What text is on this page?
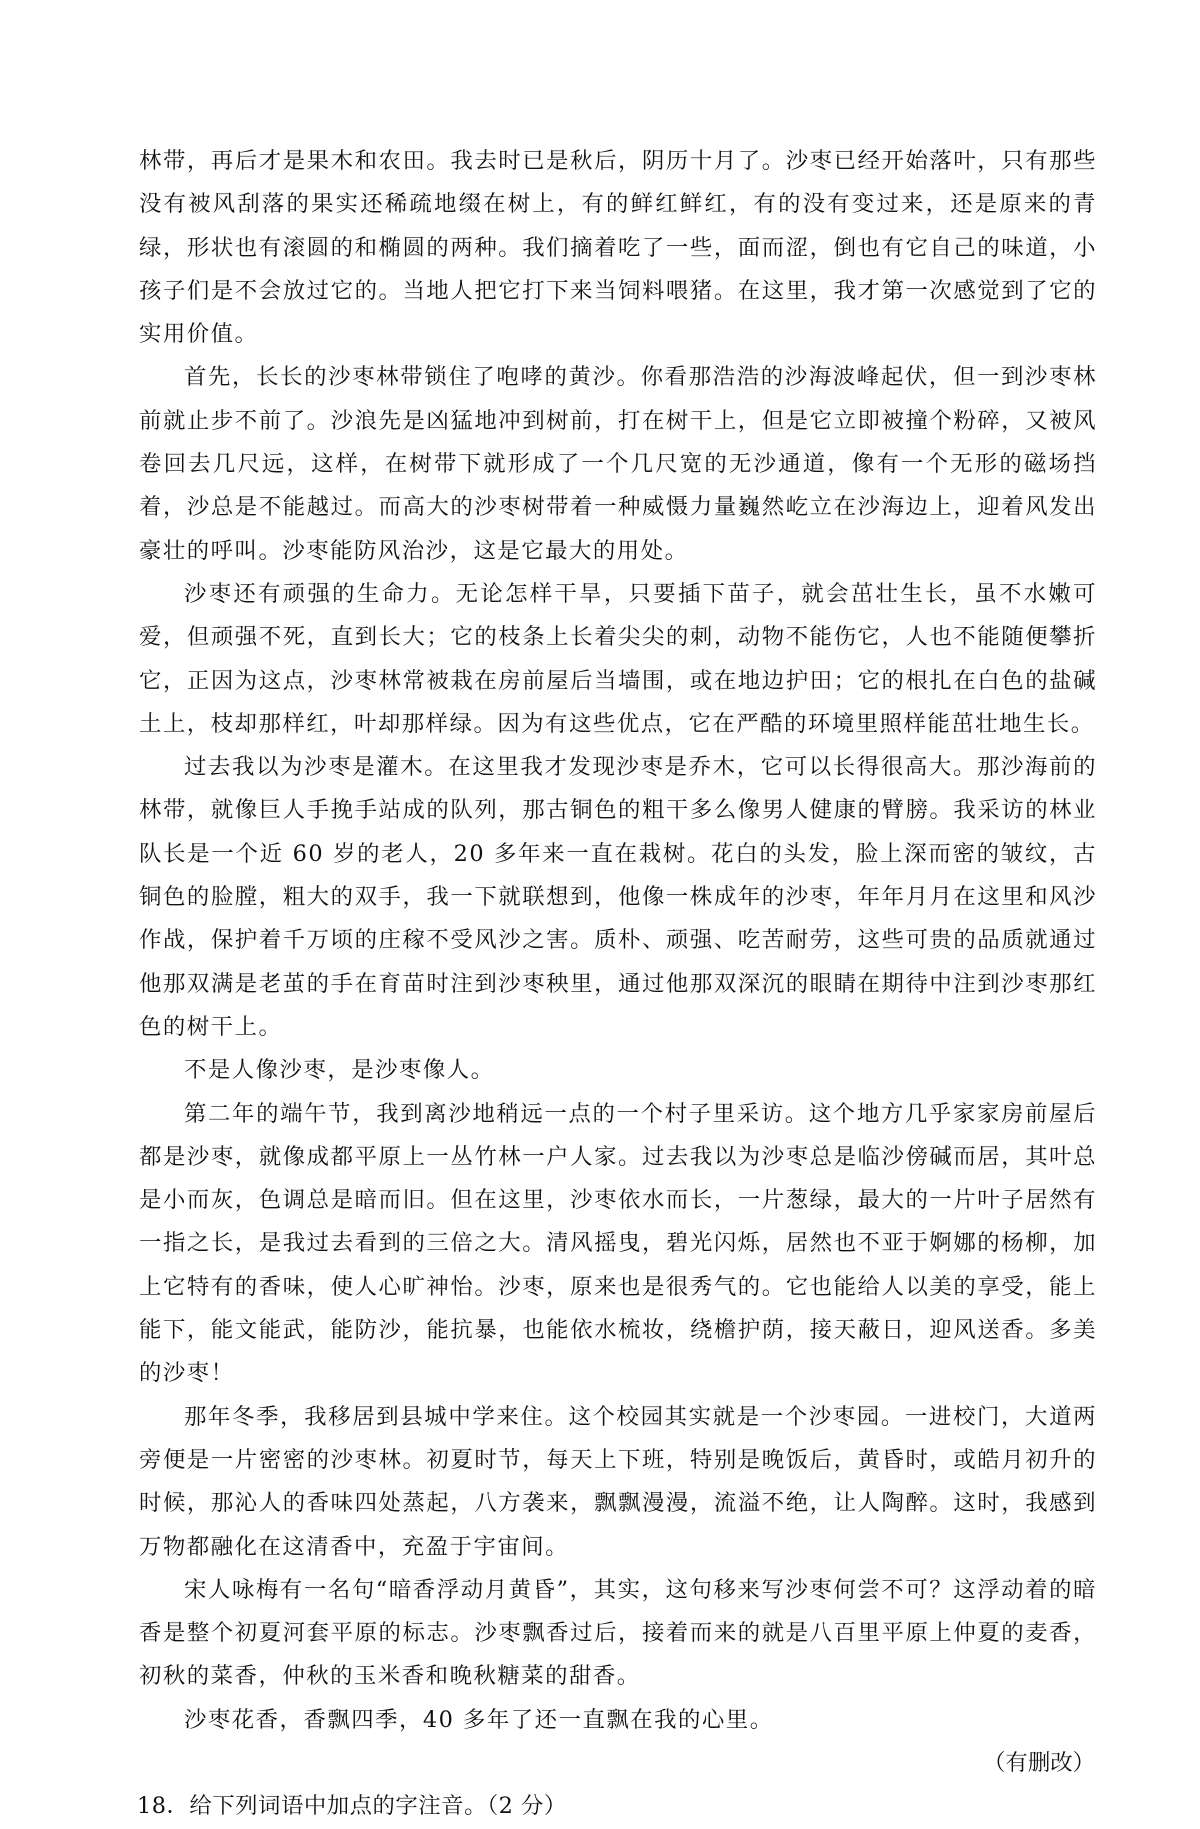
林带，再后才是果木和农田。我去时已是秋后，阴历十月了。沙枣已经开始落叶，只有那些没有被风刮落的果实还稀疏地缀在树上，有的鲜红鲜红，有的没有变过来，还是原来的青绿，形状也有滚圆的和椭圆的两种。我们摘着吃了一些，面而涩，倒也有它自己的味道，小孩子们是不会放过它的。当地人把它打下来当饲料喂猪。在这里，我才第一次感觉到了它的实用价值。

首先，长长的沙枣林带锁住了咆哮的黄沙。你看那浩浩的沙海波峰起伏，但一到沙枣林前就止步不前了。沙浪先是凶猛地冲到树前，打在树干上，但是它立即被撞个粉碎，又被风卷回去几尺远，这样，在树带下就形成了一个几尺宽的无沙通道，像有一个无形的磁场挡着，沙总是不能越过。而高大的沙枣树带着一种威慑力量巍然屹立在沙海边上，迎着风发出豪壮的呼叫。沙枣能防风治沙，这是它最大的用处。

沙枣还有顽强的生命力。无论怎样干旱，只要插下苗子，就会茁壮生长，虽不水嫩可爱，但顽强不死，直到长大；它的枝条上长着尖尖的刺，动物不能伤它，人也不能随便攀折它，正因为这点，沙枣林常被栽在房前屋后当墙围，或在地边护田；它的根扎在白色的盐碱土上，枝却那样红，叶却那样绿。因为有这些优点，它在严酷的环境里照样能茁壮地生长。

过去我以为沙枣是灌木。在这里我才发现沙枣是乔木，它可以长得很高大。那沙海前的林带，就像巨人手挽手站成的队列，那古铜色的粗干多么像男人健康的臂膀。我采访的林业队长是一个近 60 岁的老人，20 多年来一直在栽树。花白的头发，脸上深而密的皱纹，古铜色的脸膛，粗大的双手，我一下就联想到，他像一株成年的沙枣，年年月月在这里和风沙作战，保护着千万顷的庄稼不受风沙之害。质朴、顽强、吃苦耐劳，这些可贵的品质就通过他那双满是老茧的手在育苗时注到沙枣秧里，通过他那双深沉的眼睛在期待中注到沙枣那红色的树干上。

不是人像沙枣，是沙枣像人。

第二年的端午节，我到离沙地稍远一点的一个村子里采访。这个地方几乎家家房前屋后都是沙枣，就像成都平原上一丛竹林一户人家。过去我以为沙枣总是临沙傍碱而居，其叶总是小而灰，色调总是暗而旧。但在这里，沙枣依水而长，一片葱绿，最大的一片叶子居然有一指之长，是我过去看到的三倍之大。清风摇曳，碧光闪烁，居然也不亚于婀娜的杨柳，加上它特有的香味，使人心旷神怡。沙枣，原来也是很秀气的。它也能给人以美的享受，能上能下，能文能武，能防沙，能抗暴，也能依水梳妆，绕檐护荫，接天蔽日，迎风送香。多美的沙枣！

那年冬季，我移居到县城中学来住。这个校园其实就是一个沙枣园。一进校门，大道两旁便是一片密密的沙枣林。初夏时节，每天上下班，特别是晚饭后，黄昏时，或皓月初升的时候，那沁人的香味四处蒸起，八方袭来，飘飘漫漫，流溢不绝，让人陶醉。这时，我感到万物都融化在这清香中，充盈于宇宙间。

宋人咏梅有一名句“暗香浮动月黄昏”，其实，这句移来写沙枣何尝不可？这浮动着的暗香是整个初夏河套平原的标志。沙枣飘香过后，接着而来的就是八百里平原上仲夏的麦香，初秋的菜香，仲秋的玉米香和晚秋糖菜的甜香。

沙枣花香，香飘四季，40 多年了还一直飘在我的心里。

（有删改）

18．给下列词语中加点的字注音。（2 分）
